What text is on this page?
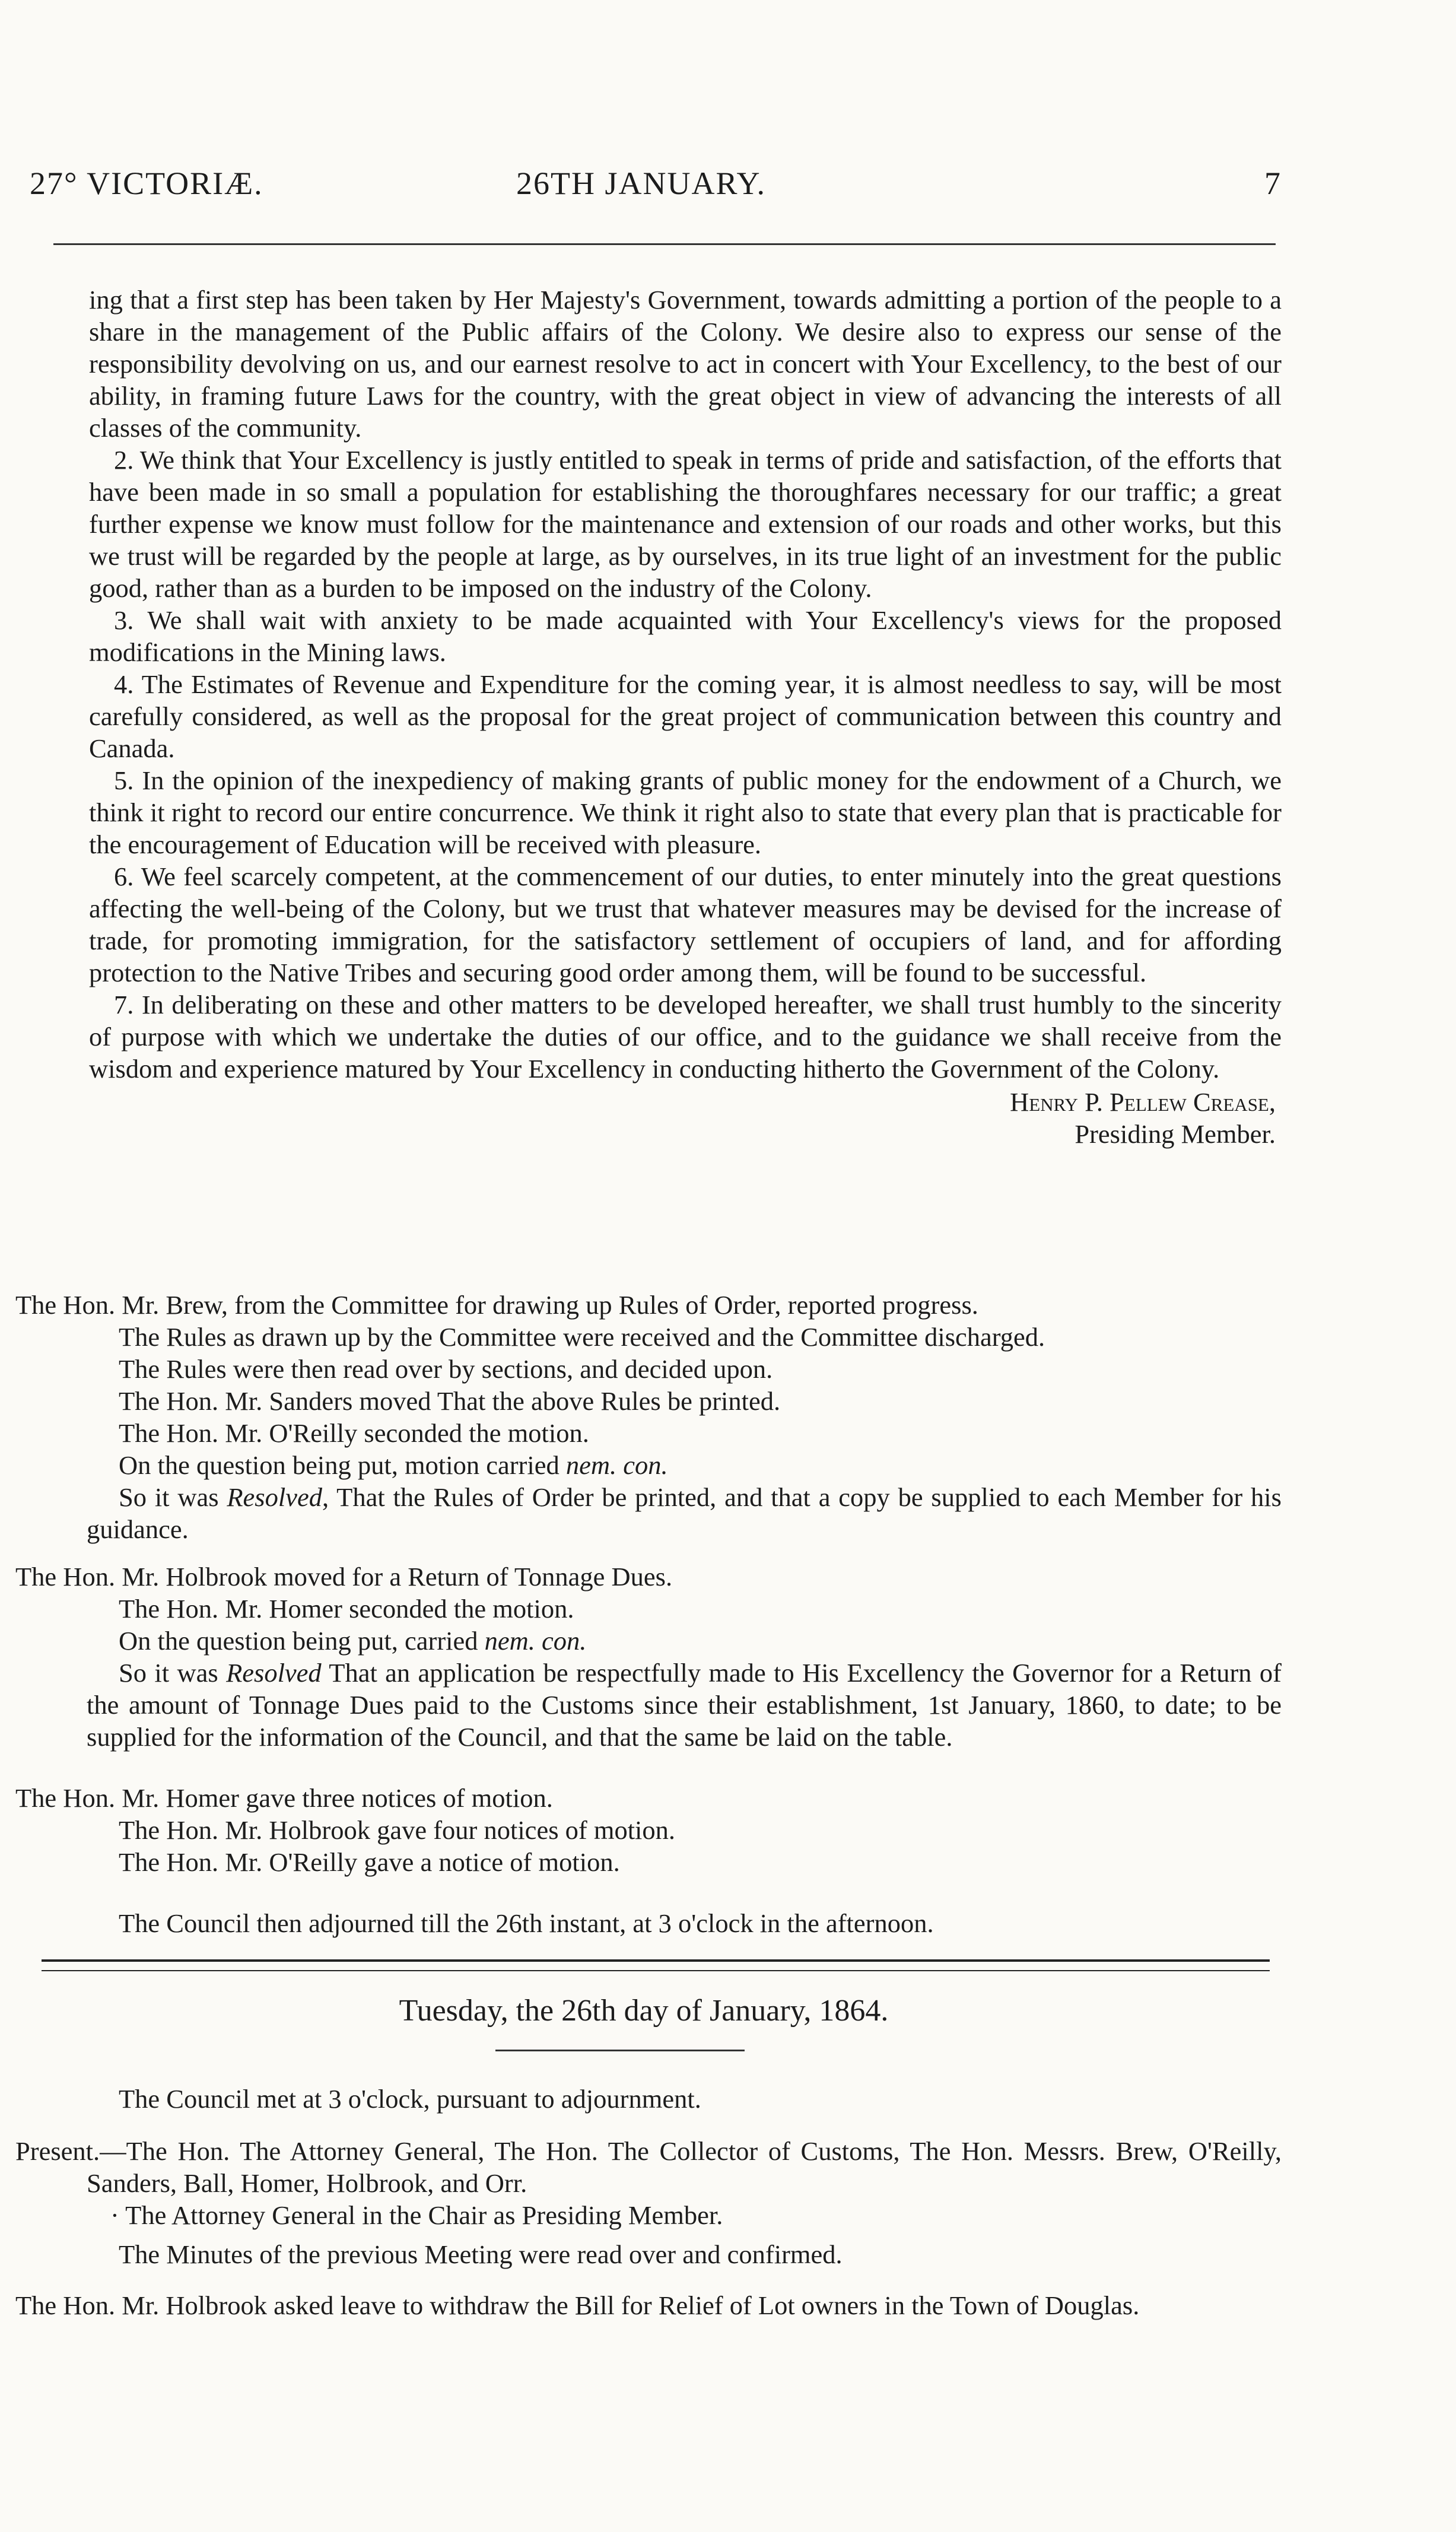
27° VICTORIÆ.	26TH JANUARY.	7

ing that a first step has been taken by Her Majesty's Government, towards admitting a portion of the people to a share in the management of the Public affairs of the Colony. We desire also to express our sense of the responsibility devolving on us, and our earnest resolve to act in concert with Your Excellency, to the best of our ability, in framing future Laws for the country, with the great object in view of advancing the interests of all classes of the community.

2. We think that Your Excellency is justly entitled to speak in terms of pride and satisfaction, of the efforts that have been made in so small a population for establishing the thoroughfares necessary for our traffic; a great further expense we know must follow for the maintenance and extension of our roads and other works, but this we trust will be regarded by the people at large, as by ourselves, in its true light of an investment for the public good, rather than as a burden to be imposed on the industry of the Colony.

3. We shall wait with anxiety to be made acquainted with Your Excellency's views for the proposed modifications in the Mining laws.

4. The Estimates of Revenue and Expenditure for the coming year, it is almost needless to say, will be most carefully considered, as well as the proposal for the great project of communication between this country and Canada.

5. In the opinion of the inexpediency of making grants of public money for the endowment of a Church, we think it right to record our entire concurrence. We think it right also to state that every plan that is practicable for the encouragement of Education will be received with pleasure.

6. We feel scarcely competent, at the commencement of our duties, to enter minutely into the great questions affecting the well-being of the Colony, but we trust that whatever measures may be devised for the increase of trade, for promoting immigration, for the satisfactory settlement of occupiers of land, and for affording protection to the Native Tribes and securing good order among them, will be found to be successful.

7. In deliberating on these and other matters to be developed hereafter, we shall trust humbly to the sincerity of purpose with which we undertake the duties of our office, and to the guidance we shall receive from the wisdom and experience matured by Your Excellency in conducting hitherto the Government of the Colony.

Henry P. Pellew Crease,

Presiding Member.

The Hon. Mr. Brew, from the Committee for drawing up Rules of Order, reported progress.

The Rules as drawn up by the Committee were received and the Committee discharged.

The Rules were then read over by sections, and decided upon.

The Hon. Mr. Sanders moved That the above Rules be printed.

The Hon. Mr. O'Reilly seconded the motion.

On the question being put, motion carried nem. con.

So it was Resolved, That the Rules of Order be printed, and that a copy be supplied to each Member for his guidance.

The Hon. Mr. Holbrook moved for a Return of Tonnage Dues.

The Hon. Mr. Homer seconded the motion.

On the question being put, carried nem. con.

So it was Resolved That an application be respectfully made to His Excellency the Governor for a Return of the amount of Tonnage Dues paid to the Customs since their establishment, 1st January, 1860, to date; to be supplied for the information of the Council, and that the same be laid on the table.

The Hon. Mr. Homer gave three notices of motion.

The Hon. Mr. Holbrook gave four notices of motion.

The Hon. Mr. O'Reilly gave a notice of motion.

The Council then adjourned till the 26th instant, at 3 o'clock in the afternoon.

Tuesday, the 26th day of January, 1864.

The Council met at 3 o'clock, pursuant to adjournment.

Present.—The Hon. The Attorney General, The Hon. The Collector of Customs, The Hon. Messrs. Brew, O'Reilly, Sanders, Ball, Homer, Holbrook, and Orr.

· The Attorney General in the Chair as Presiding Member.

The Minutes of the previous Meeting were read over and confirmed.

The Hon. Mr. Holbrook asked leave to withdraw the Bill for Relief of Lot owners in the Town of Douglas.
